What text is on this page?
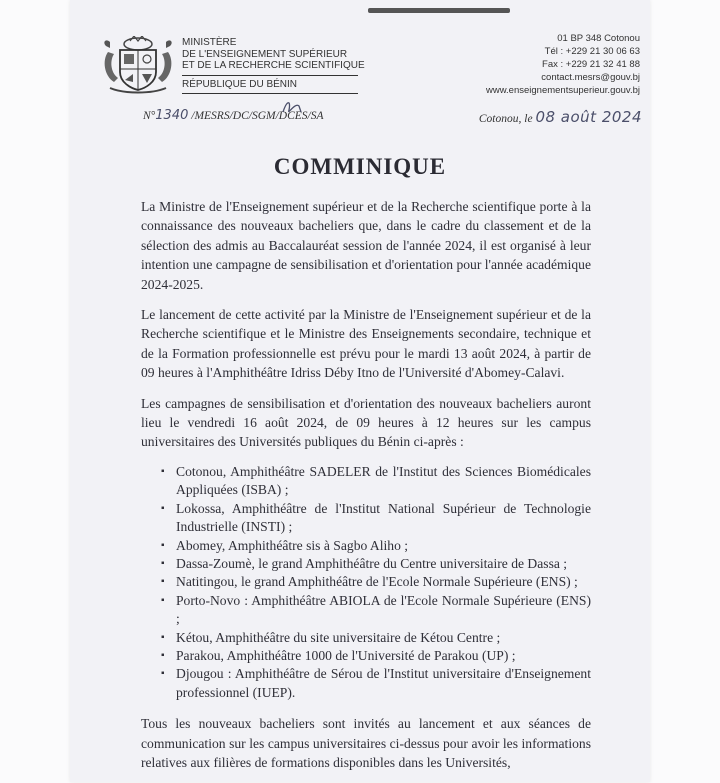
MINISTÈRE
DE L'ENSEIGNEMENT SUPÉRIEUR
ET DE LA RECHERCHE SCIENTIFIQUE
RÉPUBLIQUE DU BÉNIN
01 BP 348 Cotonou
Tél : +229 21 30 06 63
Fax : +229 21 32 41 88
contact.mesrs@gouv.bj
www.enseignementsuperieur.gouv.bj
N°1340 /MESRS/DC/SGM/DCES/SA	Cotonou, le 08 août 2024
COMMINIQUE

La Ministre de l'Enseignement supérieur et de la Recherche scientifique porte à la connaissance des nouveaux bacheliers que, dans le cadre du classement et de la sélection des admis au Baccalauréat session de l'année 2024, il est organisé à leur intention une campagne de sensibilisation et d'orientation pour l'année académique 2024-2025.

Le lancement de cette activité par la Ministre de l'Enseignement supérieur et de la Recherche scientifique et le Ministre des Enseignements secondaire, technique et de la Formation professionnelle est prévu pour le mardi 13 août 2024, à partir de 09 heures à l'Amphithéâtre Idriss Déby Itno de l'Université d'Abomey-Calavi.

Les campagnes de sensibilisation et d'orientation des nouveaux bacheliers auront lieu le vendredi 16 août 2024, de 09 heures à 12 heures sur les campus universitaires des Universités publiques du Bénin ci-après :

▪ Cotonou, Amphithéâtre SADELER de l'Institut des Sciences Biomédicales Appliquées (ISBA) ;
▪ Lokossa, Amphithéâtre de l'Institut National Supérieur de Technologie Industrielle (INSTI) ;
▪ Abomey, Amphithéâtre sis à Sagbo Aliho ;
▪ Dassa-Zoumè, le grand Amphithéâtre du Centre universitaire de Dassa ;
▪ Natitingou, le grand Amphithéâtre de l'Ecole Normale Supérieure (ENS) ;
▪ Porto-Novo : Amphithéâtre ABIOLA de l'Ecole Normale Supérieure (ENS) ;
▪ Kétou, Amphithéâtre du site universitaire de Kétou Centre ;
▪ Parakou, Amphithéâtre 1000 de l'Université de Parakou (UP) ;
▪ Djougou : Amphithéâtre de Sérou de l'Institut universitaire d'Enseignement professionnel (IUEP).

Tous les nouveaux bacheliers sont invités au lancement et aux séances de communication sur les campus universitaires ci-dessus pour avoir les informations relatives aux filières de formations disponibles dans les Universités,
